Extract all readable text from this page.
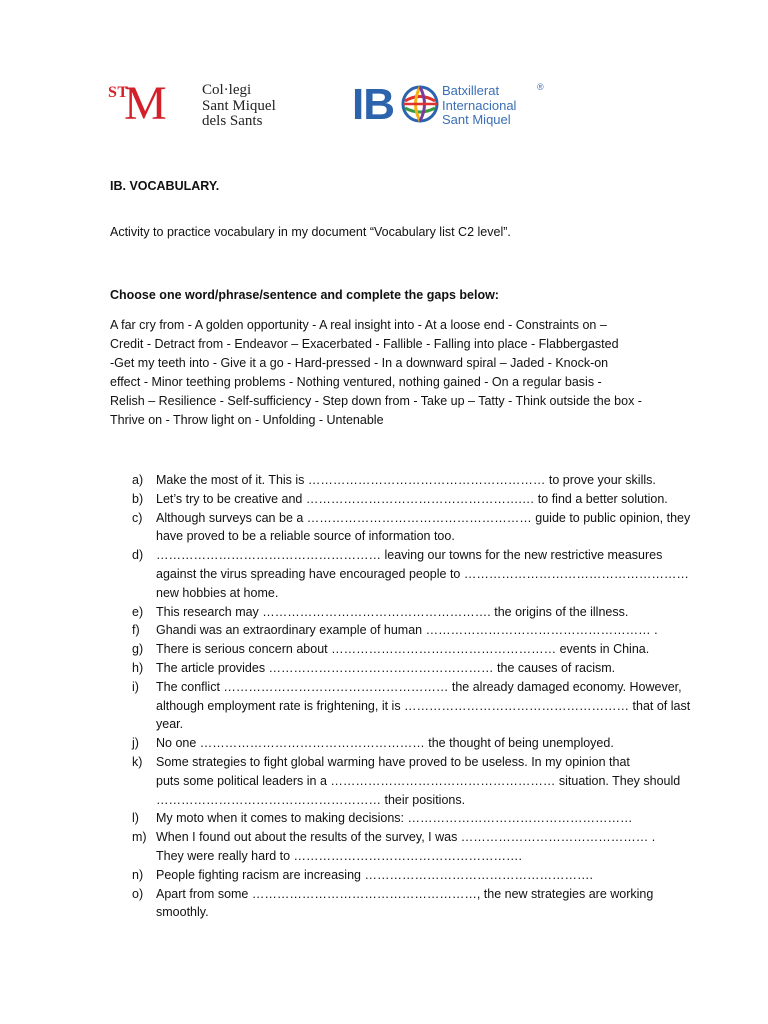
ST
M Col·legi
Sant Miquel
dels Sants	IB	Batxillerat
Internacional
Sant Miquel
®
IB. VOCABULARY.
Activity to practice vocabulary in my document “Vocabulary list C2 level”.
Choose one word/phrase/sentence and complete the gaps below:
A far cry from - A golden opportunity - A real insight into - At a loose end - Constraints on –
Credit - Detract from - Endeavor – Exacerbated - Fallible - Falling into place - Flabbergasted
-Get my teeth into - Give it a go - Hard-pressed - In a downward spiral – Jaded - Knock-on
effect - Minor teething problems - Nothing ventured, nothing gained - On a regular basis -
Relish – Resilience - Self-sufficiency - Step down from - Take up – Tatty - Think outside the box -
Thrive on - Throw light on - Unfolding - Untenable
a) Make the most of it. This is ………………………………………………… to prove your skills.
b) Let’s try to be creative and …………………………………………….… to find a better solution.
c) Although surveys can be a ……………………………………………… guide to public opinion, they
have proved to be a reliable source of information too.
d) ……………………………………………… leaving our towns for the new restrictive measures
against the virus spreading have encouraged people to ………………………………………………
new hobbies at home.
e) This research may ………………………………………………. the origins of the illness.
f) Ghandi was an extraordinary example of human ……………………………………………… .
g) There is serious concern about ……………………………………………… events in China.
h) The article provides ……………………………………………… the causes of racism.
i) The conflict ……………………………………………… the already damaged economy. However,
although employment rate is frightening, it is ……………………………………………… that of last
year.
j) No one ……………………………………………… the thought of being unemployed.
k) Some strategies to fight global warming have proved to be useless. In my opinion that
puts some political leaders in a ……………………………………………… situation. They should
……………………………………………… their positions.
l) My moto when it comes to making decisions: ………………………………………………
m) When I found out about the results of the survey, I was ……………………………………… .
They were really hard to ……………………………………………….
n) People fighting racism are increasing ……………………………………………….
o) Apart from some ………………………………………………, the new strategies are working
smoothly.
